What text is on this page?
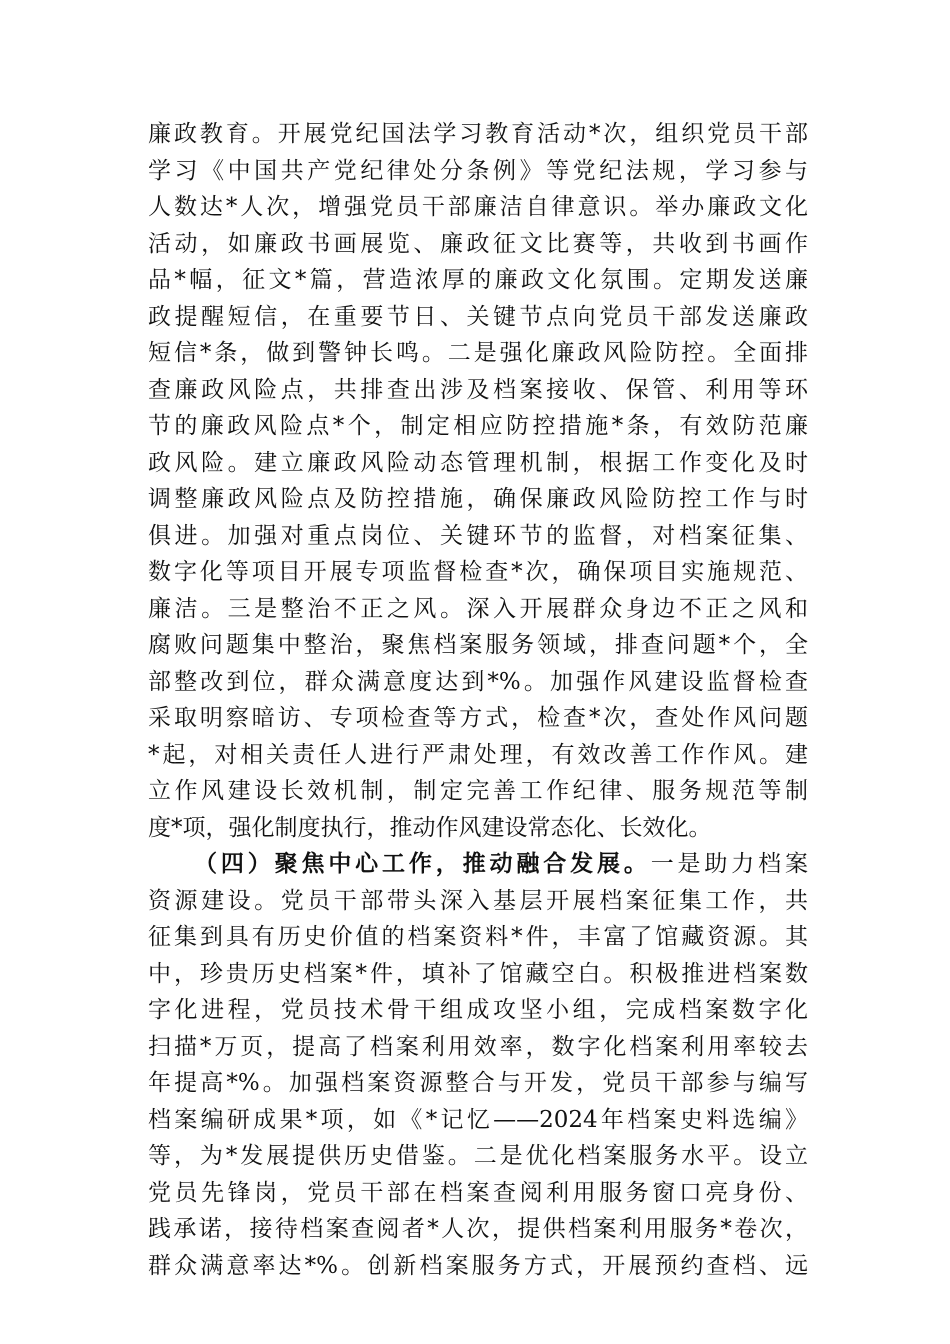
廉政教育。开展党纪国法学习教育活动*次，组织党员干部
学习《中国共产党纪律处分条例》等党纪法规，学习参与
人数达*人次，增强党员干部廉洁自律意识。举办廉政文化
活动，如廉政书画展览、廉政征文比赛等，共收到书画作
品*幅，征文*篇，营造浓厚的廉政文化氛围。定期发送廉
政提醒短信，在重要节日、关键节点向党员干部发送廉政
短信*条，做到警钟长鸣。二是强化廉政风险防控。全面排
查廉政风险点，共排查出涉及档案接收、保管、利用等环
节的廉政风险点*个，制定相应防控措施*条，有效防范廉
政风险。建立廉政风险动态管理机制，根据工作变化及时
调整廉政风险点及防控措施，确保廉政风险防控工作与时
俱进。加强对重点岗位、关键环节的监督，对档案征集、
数字化等项目开展专项监督检查*次，确保项目实施规范、
廉洁。三是整治不正之风。深入开展群众身边不正之风和
腐败问题集中整治，聚焦档案服务领域，排查问题*个，全
部整改到位，群众满意度达到*%。加强作风建设监督检查
采取明察暗访、专项检查等方式，检查*次，查处作风问题
*起，对相关责任人进行严肃处理，有效改善工作作风。建
立作风建设长效机制，制定完善工作纪律、服务规范等制
度*项，强化制度执行，推动作风建设常态化、长效化。
（四）聚焦中心工作，推动融合发展。一是助力档案
资源建设。党员干部带头深入基层开展档案征集工作，共
征集到具有历史价值的档案资料*件，丰富了馆藏资源。其
中，珍贵历史档案*件，填补了馆藏空白。积极推进档案数
字化进程，党员技术骨干组成攻坚小组，完成档案数字化
扫描*万页，提高了档案利用效率，数字化档案利用率较去
年提高*%。加强档案资源整合与开发，党员干部参与编写
档案编研成果*项，如《*记忆——2024年档案史料选编》
等，为*发展提供历史借鉴。二是优化档案服务水平。设立
党员先锋岗，党员干部在档案查阅利用服务窗口亮身份、
践承诺，接待档案查阅者*人次，提供档案利用服务*卷次，
群众满意率达*%。创新档案服务方式，开展预约查档、远
